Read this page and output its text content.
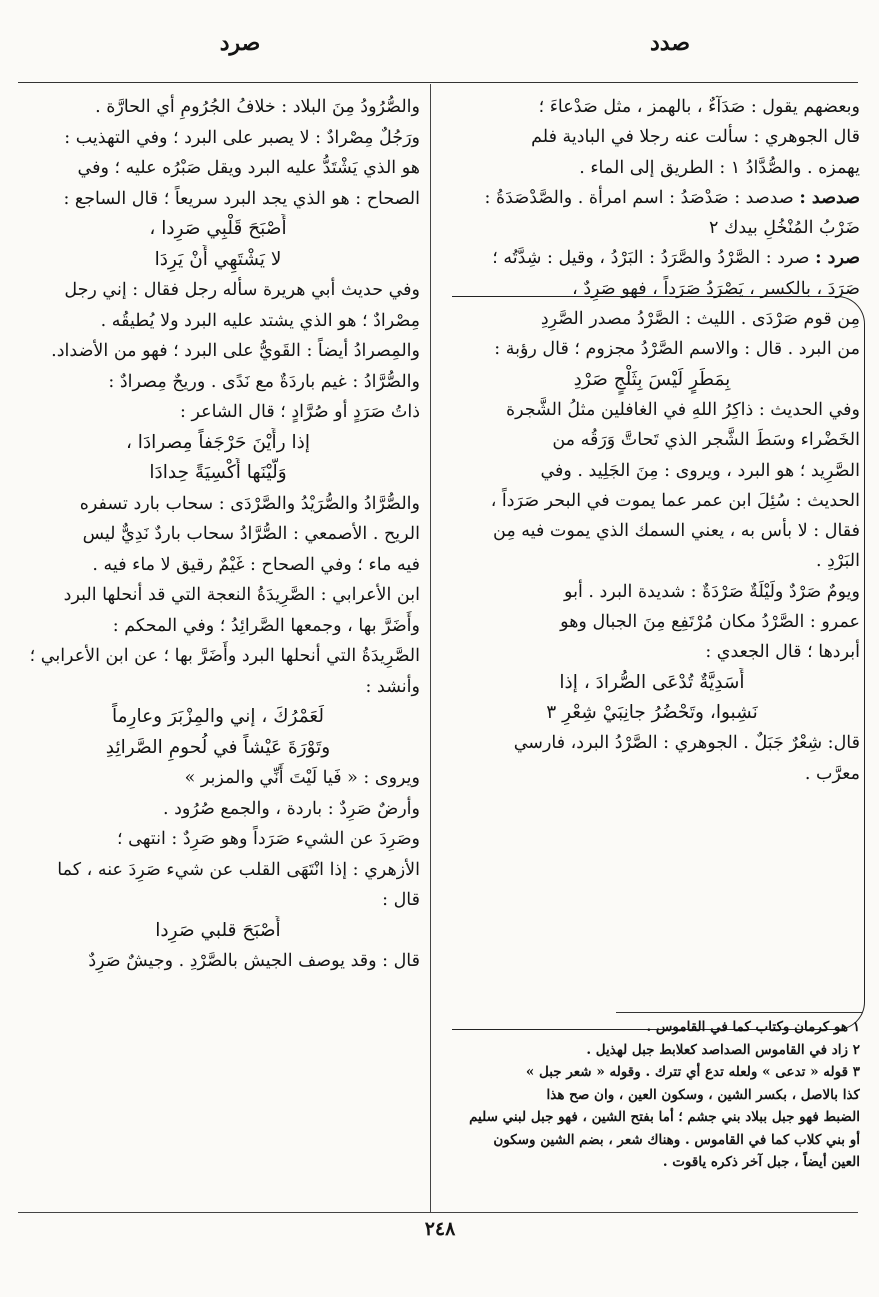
صدد
صرد
وبعضهم يقول : صَدَآءٌ ، بالهمز ، مثل صَدْعاءَ ؛
قال الجوهري : سألت عنه رجلا في البادية فلم
يهمزه . والصُّدَّادُ ١ : الطريق إلى الماء .
صدصد : صدصد : صَدْصَدُ : اسم امرأة . والصَّدْصَدَةُ :
ضَرْبُ المُنْخُلِ بيدك ٢
صرد : صرد : الصَّرْدُ والصَّرَدُ : البَرْدُ ، وقيل : شِدَّتُه ؛
صَرَدَ ، بالكسر ، يَصْرَدُ صَرَداً ، فهو صَرِدٌ ،
مِن قوم صَرْدَى . الليث : الصَّرْدُ مصدر الصَّرِدِ
من البرد . قال : والاسم الصَّرْدُ مجزوم ؛ قال رؤبة :
بِمَطَرٍ لَيْسَ بِثَلْجٍ صَرْدِ
وفي الحديث : ذاكِرُ اللهِ في الغافلين مثلُ الشَّجرة
الخَضْراء وسَطَ الشَّجر الذي تَحاتَّ وَرَقُه من
الصَّرِيد ؛ هو البرد ، ويروى : مِنَ الجَلِيد . وفي
الحديث : سُئِلَ ابن عمر عما يموت في البحر صَرَداً ،
فقال : لا بأس به ، يعني السمك الذي يموت فيه مِن
البَرْدِ .
ويومٌ صَرْدٌ ولَيْلَةٌ صَرْدَةٌ : شديدة البرد . أبو
عمرو : الصَّرْدُ مكان مُرْتَفِع مِنَ الجبال وهو
أبردها ؛ قال الجعدي :
أَسَدِيَّةٌ تُدْعَى الصُّرادَ ، إذا
نَشِبوا، وتَحْضُرُ جانِبَيْ شِعْرِ ٣
قال: شِعْرٌ جَبَلٌ . الجوهري : الصَّرْدُ البرد، فارسي
معرَّب .
١ هو كرمان وكتاب كما في القاموس .
٢ زاد في القاموس الصداصد كعلابط جبل لهذيل .
٣ قوله « تدعى » ولعله تدع أي تترك . وقوله « شعر جبل »
كذا بالاصل ، بكسر الشين ، وسكون العين ، وان صح هذا
الضبط فهو جبل ببلاد بني جشم ؛ أما بفتح الشين ، فهو جبل لبني سليم
أو بني كلاب كما في القاموس . وهناك شعر ، بضم الشين وسكون
العين أيضاً ، جبل آخر ذكره ياقوت .
والصُّرُودُ مِنَ البلاد : خلافُ الجُرُومِ أي الحارَّة .
ورَجُلٌ مِصْرادٌ : لا يصبر على البرد ؛ وفي التهذيب :
هو الذي يَشْتَدُّ عليه البرد ويقل صَبْرُه عليه ؛ وفي
الصحاح : هو الذي يجد البرد سريعاً ؛ قال الساجع :
أَصْبَحَ قَلْبِي صَرِدا ،
لا يَشْتَهِي أَنْ يَرِدَا
وفي حديث أبي هريرة سأله رجل فقال : إني رجل
مِصْرادٌ ؛ هو الذي يشتد عليه البرد ولا يُطيقُه .
والمِصرادُ أيضاً : القَويُّ على البرد ؛ فهو من الأضداد.
والصُّرَّادُ : غيم باردَةٌ مع نَدًى . وريحٌ مِصرادٌ :
ذاتُ صَرَدٍ أو صُرَّادٍ ؛ قال الشاعر :
إذا رأَيْنَ حَرْجَفاً مِصرادَا ،
وَلَّيْنَها أَكْسِيَةً حِدادَا
والصُّرَّادُ والصُّرَيْدُ والصَّرْدَى : سحاب بارد تسفره
الريح . الأصمعي : الصُّرَّادُ سحاب باردٌ نَدِيٌّ ليس
فيه ماء ؛ وفي الصحاح : غَيْمٌ رقيق لا ماء فيه .
ابن الأعرابي : الصَّرِيدَةُ النعجة التي قد أنحلها البرد
وأَضَرَّ بها ، وجمعها الصَّرائِدُ ؛ وفي المحكم :
الصَّرِيدَةُ التي أنحلها البرد وأَضَرَّ بها ؛ عن ابن الأعرابي ؛
وأنشد :
لَعَمْرُكَ ، إني والمِزْبَرَ وعارِماً
وتَوْرَةَ عَيْشاً في لُحومِ الصَّرائِدِ
ويروى : « فَيا لَيْتَ أَنِّي والمزبر »
وأرضٌ صَرِدٌ : باردة ، والجمع صُرُود .
وصَرِدَ عن الشيء صَرَداً وهو صَرِدٌ : انتهى ؛
الأزهري : إذا انْتَهَى القلب عن شيء صَرِدَ عنه ، كما
قال :
أَصْبَحَ قلبي صَرِدا
قال : وقد يوصف الجيش بالصَّرْدِ . وجيشٌ صَرِدٌ
٢٤٨
